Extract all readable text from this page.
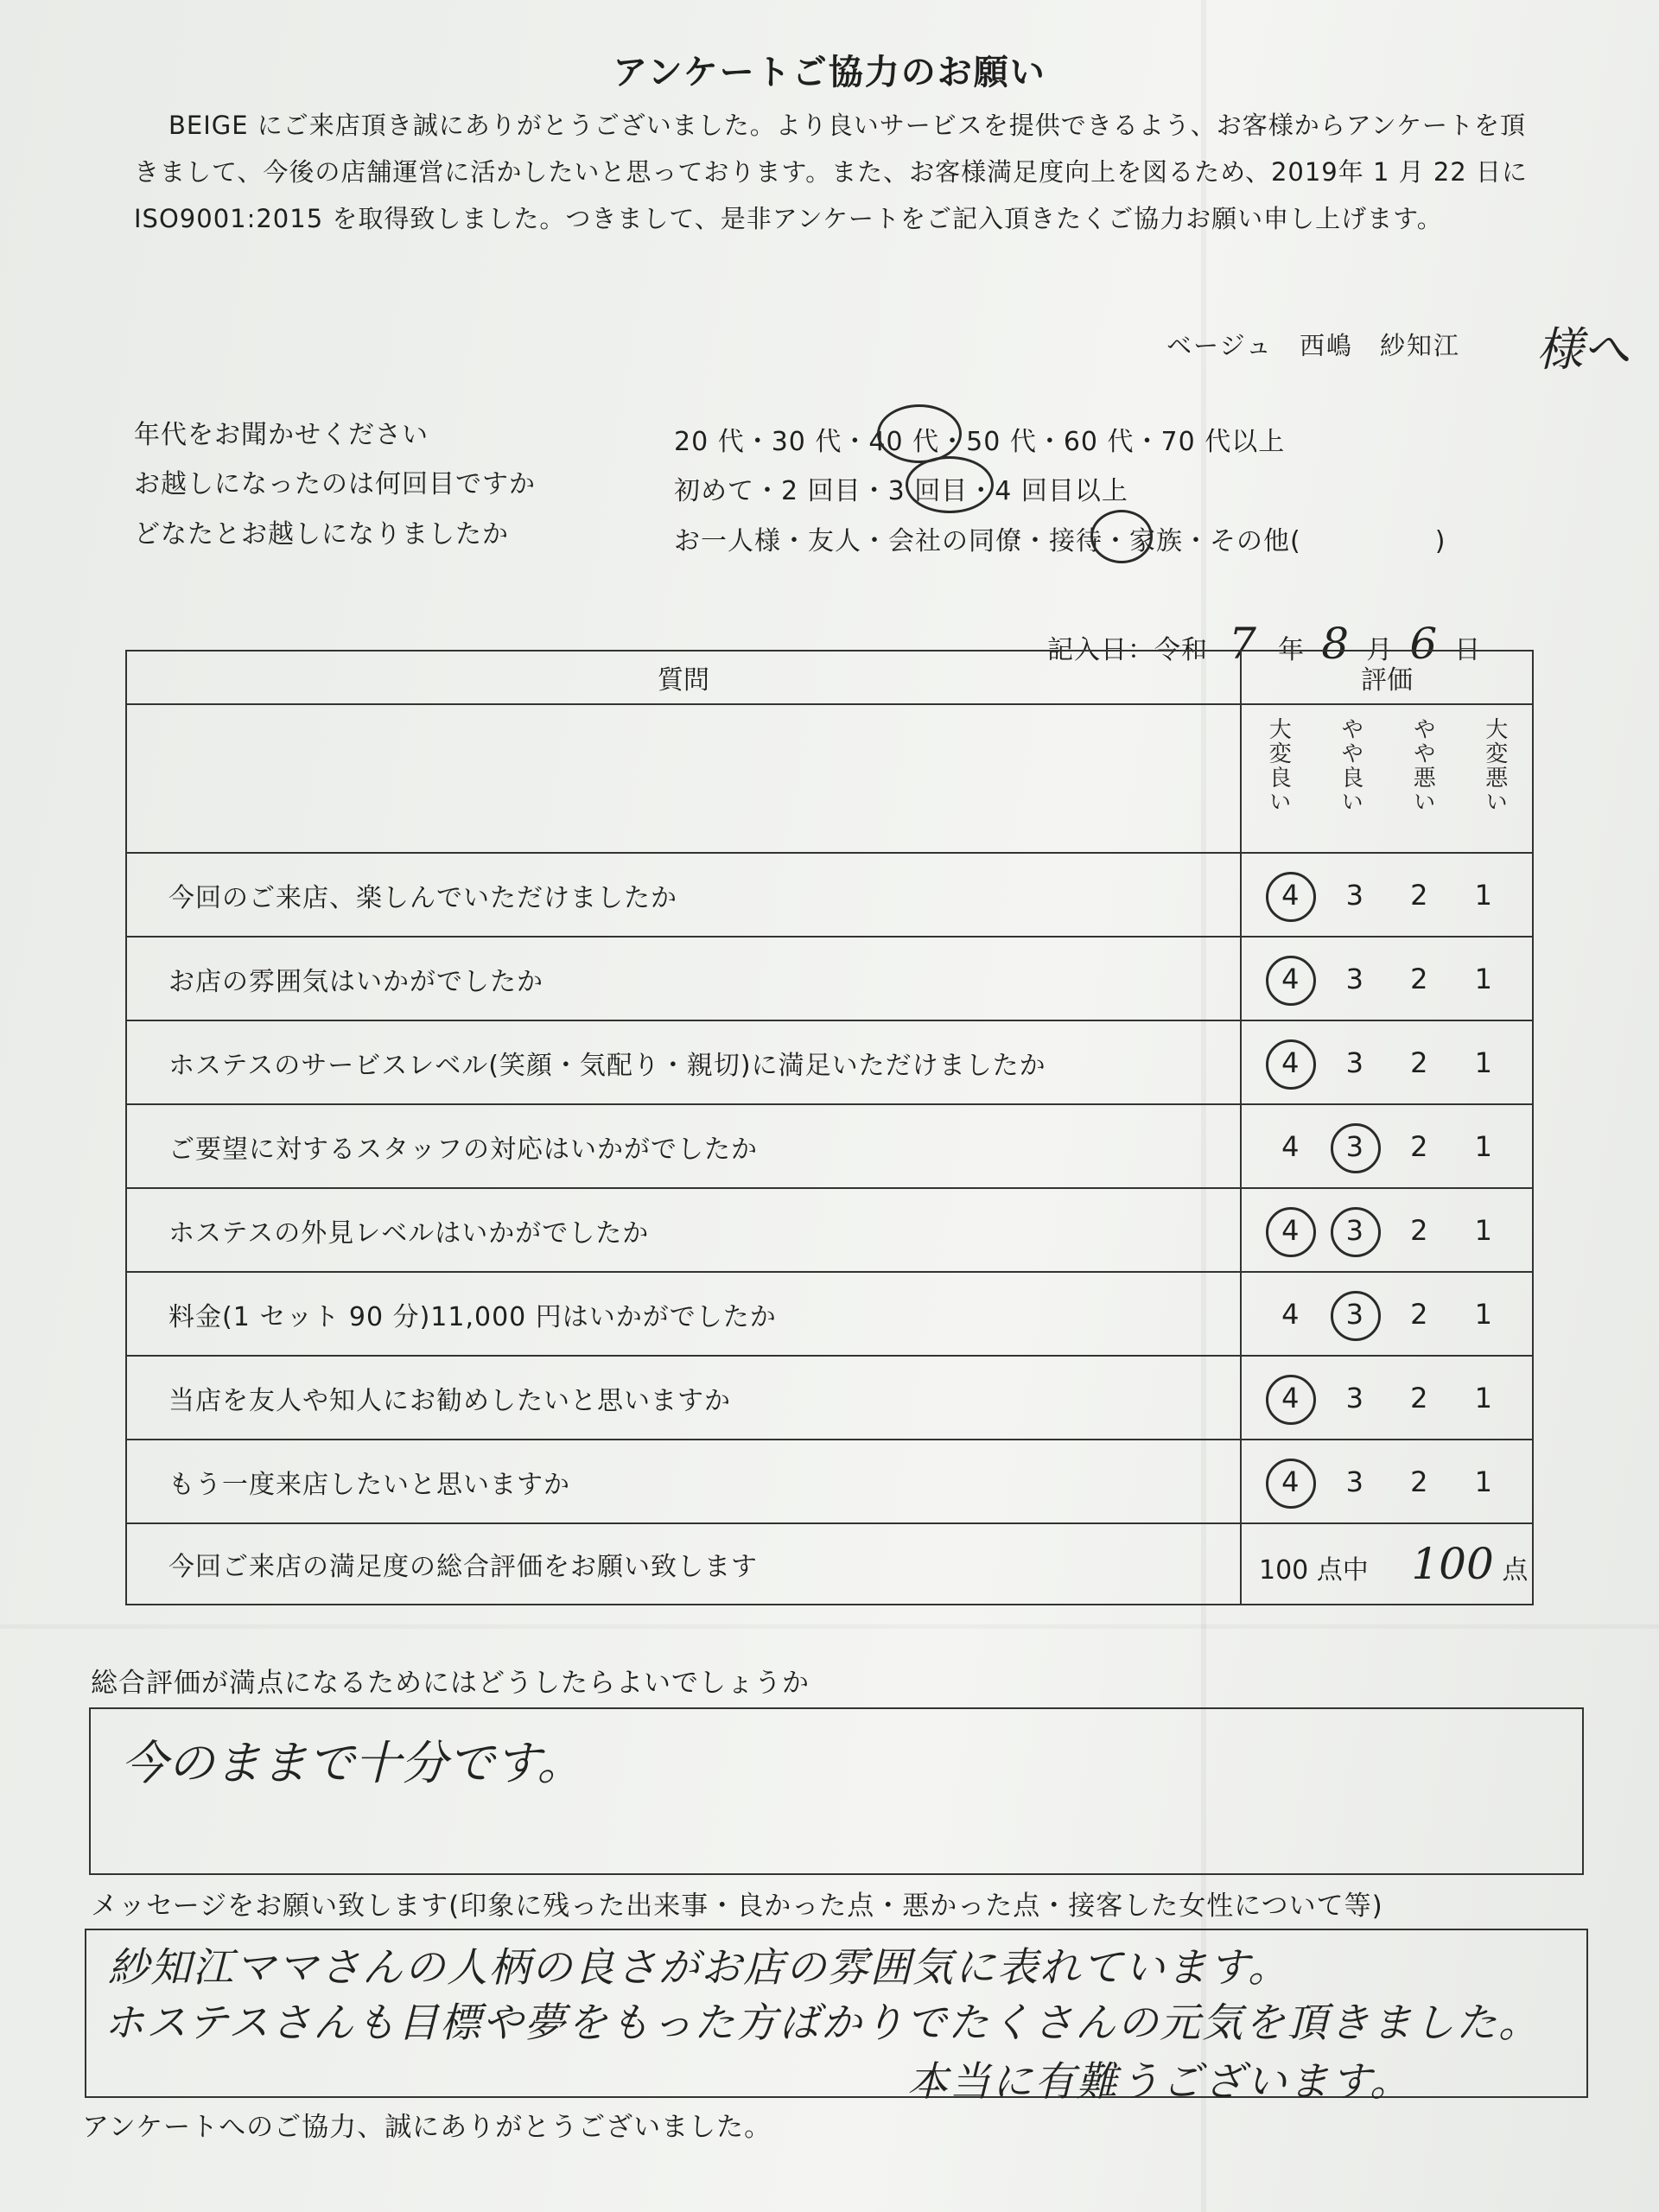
アンケートご協力のお願い
BEIGE にご来店頂き誠にありがとうございました。より良いサービスを提供できるよう、お客様からアンケートを頂きまして、今後の店舗運営に活かしたいと思っております。また、お客様満足度向上を図るため、2019年 1 月 22 日に ISO9001:2015 を取得致しました。つきまして、是非アンケートをご記入頂きたくご協力お願い申し上げます。
ベージュ　西嶋　紗知江 様へ
年代をお聞かせください	20 代・30 代・40 代・50 代・60 代・70 代以上
お越しになったのは何回目ですか	初めて・2 回目・3 回目・4 回目以上
どなたとお越しになりましたか	お一人様・友人・会社の同僚・接待・家族・その他(　　　　　)
記入日：令和 7 年 8 月 6 日
質問	評価

	大変良い やや良い やや悪い 大変悪い

今回のご来店、楽しんでいただけましたか	4 3 2 1

お店の雰囲気はいかがでしたか	4 3 2 1

ホステスのサービスレベル(笑顔・気配り・親切)に満足いただけましたか	4 3 2 1

ご要望に対するスタッフの対応はいかがでしたか	4 3 2 1

ホステスの外見レベルはいかがでしたか	4 3 2 1

料金(1 セット 90 分)11,000 円はいかがでしたか	4 3 2 1

当店を友人や知人にお勧めしたいと思いますか	4 3 2 1

もう一度来店したいと思いますか	4 3 2 1

今回ご来店の満足度の総合評価をお願い致します	100 点中 100 点
総合評価が満点になるためにはどうしたらよいでしょうか
今のままで十分です。
メッセージをお願い致します(印象に残った出来事・良かった点・悪かった点・接客した女性について等)
紗知江ママさんの人柄の良さがお店の雰囲気に表れています。
ホステスさんも目標や夢をもった方ばかりでたくさんの元気を頂きました。
本当に有難うございます。
アンケートへのご協力、誠にありがとうございました。
